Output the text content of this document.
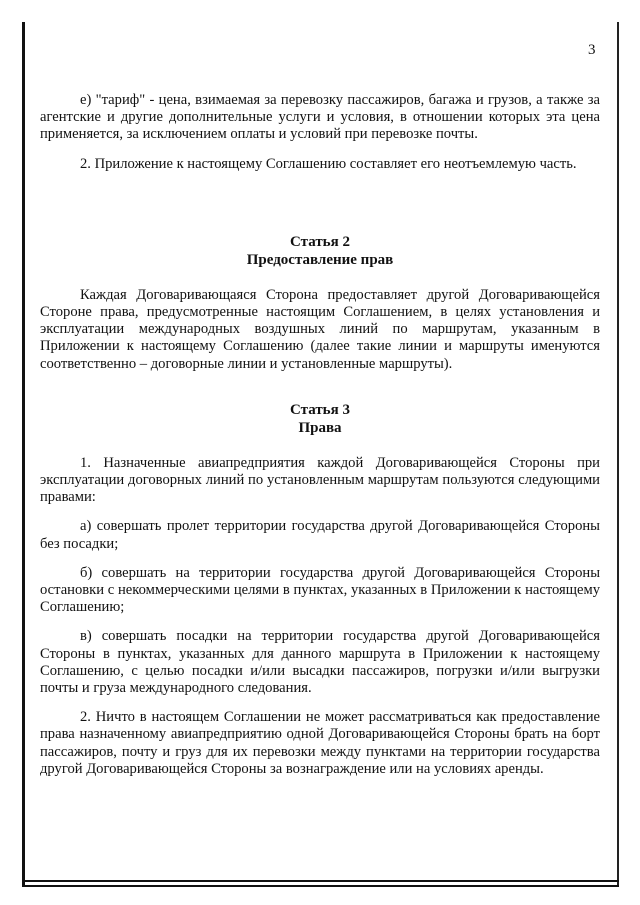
3

е) "тариф" - цена, взимаемая за перевозку пассажиров, багажа и грузов, а также за агентские и другие дополнительные услуги и условия, в отношении которых эта цена применяется, за исключением оплаты и условий при перевозке почты.

2. Приложение к настоящему Соглашению составляет его неотъемлемую часть.

Статья 2
Предоставление прав

Каждая Договаривающаяся Сторона предоставляет другой Договаривающейся Стороне права, предусмотренные настоящим Соглашением, в целях установления и эксплуатации международных воздушных линий по маршрутам, указанным в Приложении к настоящему Соглашению (далее такие линии и маршруты именуются соответственно – договорные линии и установленные маршруты).

Статья 3
Права

1. Назначенные авиапредприятия каждой Договаривающейся Стороны при эксплуатации договорных линий по установленным маршрутам пользуются следующими правами:

а) совершать пролет территории государства другой Договаривающейся Стороны без посадки;

б) совершать на территории государства другой Договаривающейся Стороны остановки с некоммерческими целями в пунктах, указанных в Приложении к настоящему Соглашению;

в) совершать посадки на территории государства другой Договаривающейся Стороны в пунктах, указанных для данного маршрута в Приложении к настоящему Соглашению, с целью посадки и/или высадки пассажиров, погрузки и/или выгрузки почты и груза международного следования.

2. Ничто в настоящем Соглашении не может рассматриваться как предоставление права назначенному авиапредприятию одной Договаривающейся Стороны брать на борт пассажиров, почту и груз для их перевозки между пунктами на территории государства другой Договаривающейся Стороны за вознаграждение или на условиях аренды.
